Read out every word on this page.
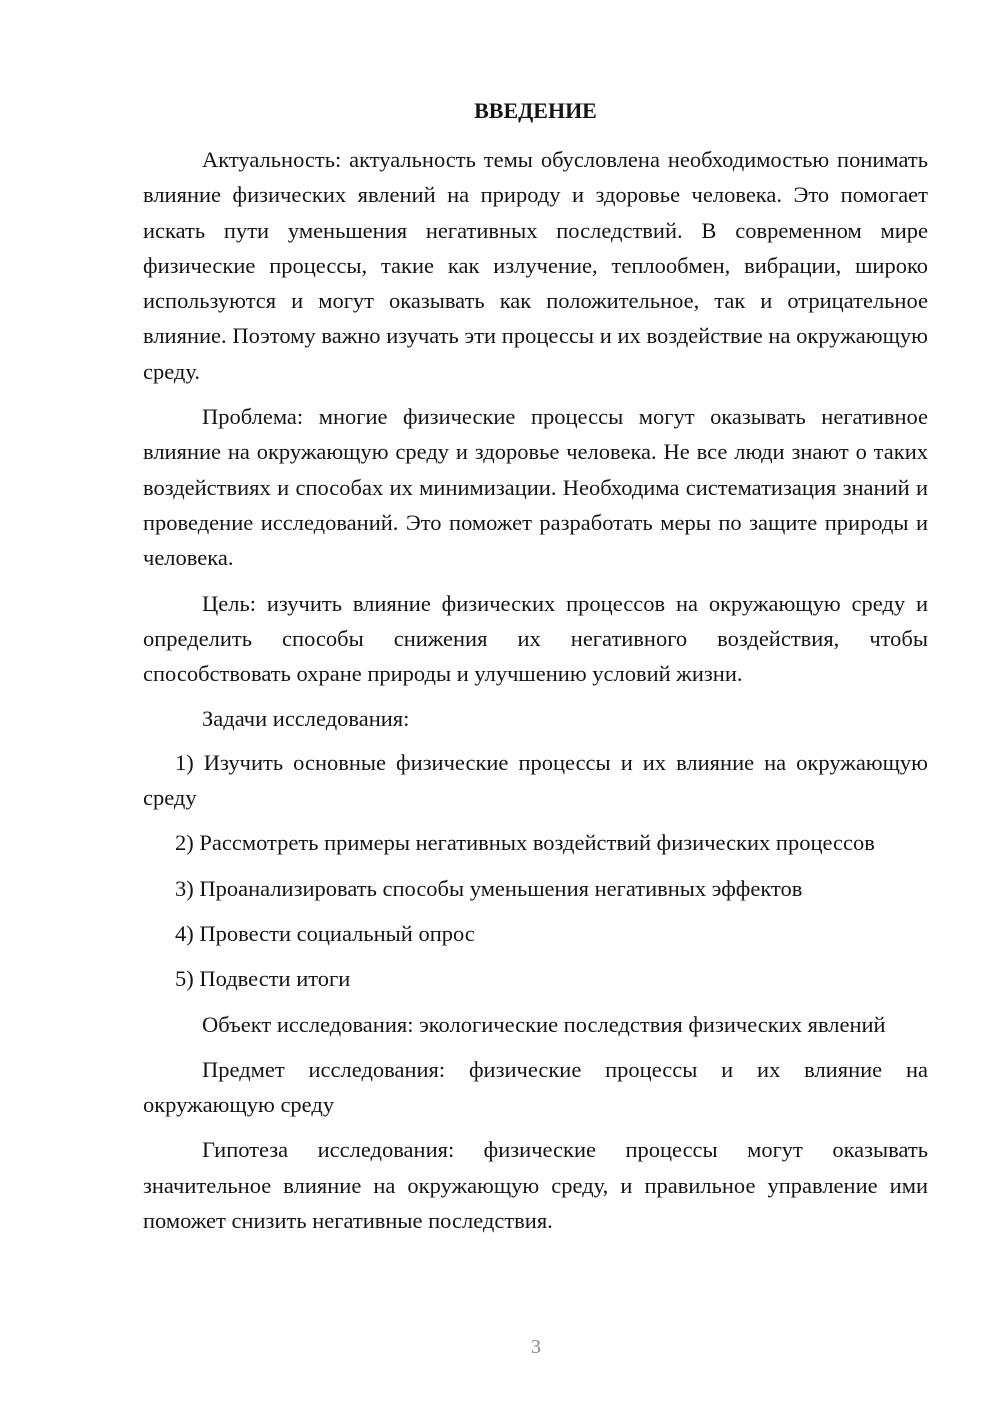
ВВЕДЕНИЕ

Актуальность: актуальность темы обусловлена необходимостью понимать влияние физических явлений на природу и здоровье человека. Это помогает искать пути уменьшения негативных последствий. В современном мире физические процессы, такие как излучение, теплообмен, вибрации, широко используются и могут оказывать как положительное, так и отрицательное влияние. Поэтому важно изучать эти процессы и их воздействие на окружающую среду.

Проблема: многие физические процессы могут оказывать негативное влияние на окружающую среду и здоровье человека. Не все люди знают о таких воздействиях и способах их минимизации. Необходима систематизация знаний и проведение исследований. Это поможет разработать меры по защите природы и человека.

Цель: изучить влияние физических процессов на окружающую среду и определить способы снижения их негативного воздействия, чтобы способствовать охране природы и улучшению условий жизни.

Задачи исследования:

1) Изучить основные физические процессы и их влияние на окружающую среду

2) Рассмотреть примеры негативных воздействий физических процессов

3) Проанализировать способы уменьшения негативных эффектов

4) Провести социальный опрос

5) Подвести итоги

Объект исследования: экологические последствия физических явлений

Предмет исследования: физические процессы и их влияние на окружающую среду

Гипотеза исследования: физические процессы могут оказывать значительное влияние на окружающую среду, и правильное управление ими поможет снизить негативные последствия.

3
